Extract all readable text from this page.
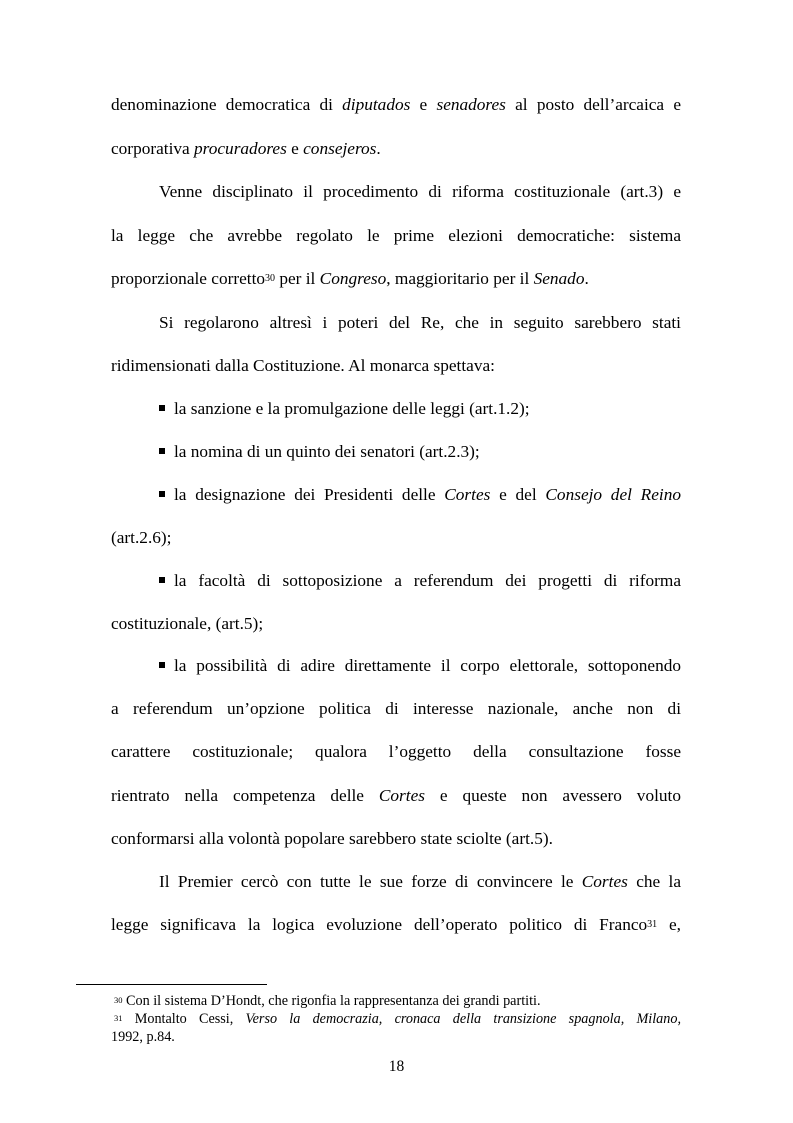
denominazione democratica di diputados e senadores al posto dell’arcaica e
corporativa procuradores e consejeros.
Venne disciplinato il procedimento di riforma costituzionale (art.3) e
la legge che avrebbe regolato le prime elezioni democratiche: sistema
proporzionale corretto$^{30}$ per il Congreso, maggioritario per il Senado.
Si regolarono altresì i poteri del Re, che in seguito sarebbero stati
ridimensionati dalla Costituzione. Al monarca spettava:
la sanzione e la promulgazione delle leggi (art.1.2);
la nomina di un quinto dei senatori (art.2.3);
la designazione dei Presidenti delle Cortes e del Consejo del Reino
(art.2.6);
la facoltà di sottoposizione a referendum dei progetti di riforma
costituzionale, (art.5);
la possibilità di adire direttamente il corpo elettorale, sottoponendo
a referendum un’opzione politica di interesse nazionale, anche non di
carattere costituzionale; qualora l’oggetto della consultazione fosse
rientrato nella competenza delle Cortes e queste non avessero voluto
conformarsi alla volontà popolare sarebbero state sciolte (art.5).
Il Premier cercò con tutte le sue forze di convincere le Cortes che la
legge significava la logica evoluzione dell’operato politico di Franco$^{31}$ e,
$^{30}$ Con il sistema D’Hondt, che rigonfia la rappresentanza dei grandi partiti.
$^{31}$ Montalto Cessi, Verso la democrazia, cronaca della transizione spagnola, Milano,
1992, p.84.
18
